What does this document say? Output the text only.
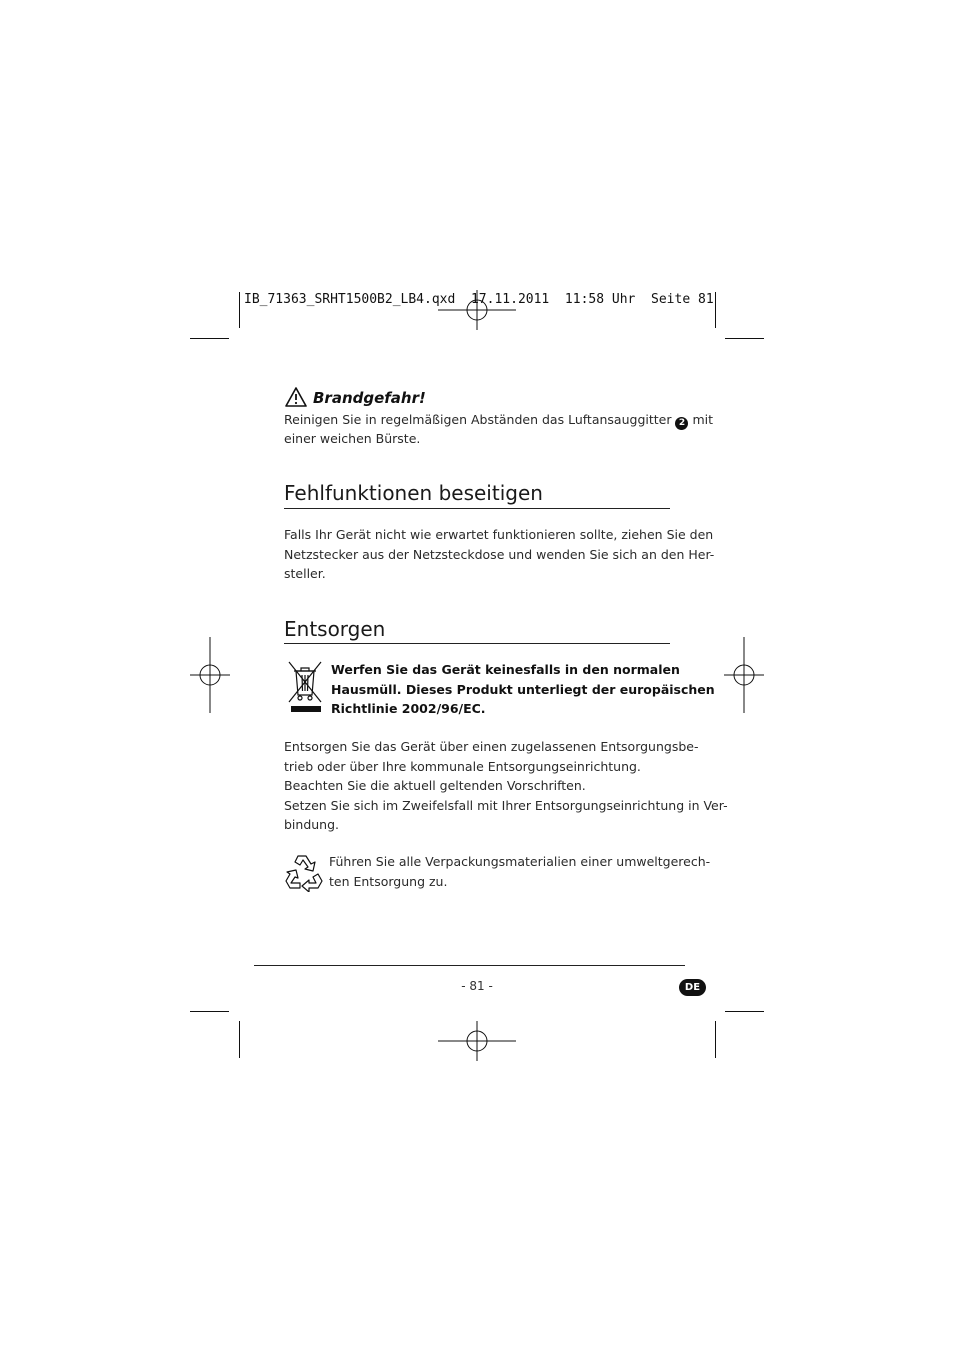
IB_71363_SRHT1500B2_LB4.qxd 17.11.2011 11:58 Uhr Seite 81
Brandgefahr!
Reinigen Sie in regelmäßigen Abständen das Luftansauggitter 2 mit
einer weichen Bürste.
Fehlfunktionen beseitigen
Falls Ihr Gerät nicht wie erwartet funktionieren sollte, ziehen Sie den
Netzstecker aus der Netzsteckdose und wenden Sie sich an den Her-
steller.
Entsorgen
Werfen Sie das Gerät keinesfalls in den normalen
Hausmüll. Dieses Produkt unterliegt der europäischen
Richtlinie 2002/96/EC.
Entsorgen Sie das Gerät über einen zugelassenen Entsorgungsbe-
trieb oder über Ihre kommunale Entsorgungseinrichtung.
Beachten Sie die aktuell geltenden Vorschriften.
Setzen Sie sich im Zweifelsfall mit Ihrer Entsorgungseinrichtung in Ver-
bindung.
Führen Sie alle Verpackungsmaterialien einer umweltgerech-
ten Entsorgung zu.
- 81 -	DE
